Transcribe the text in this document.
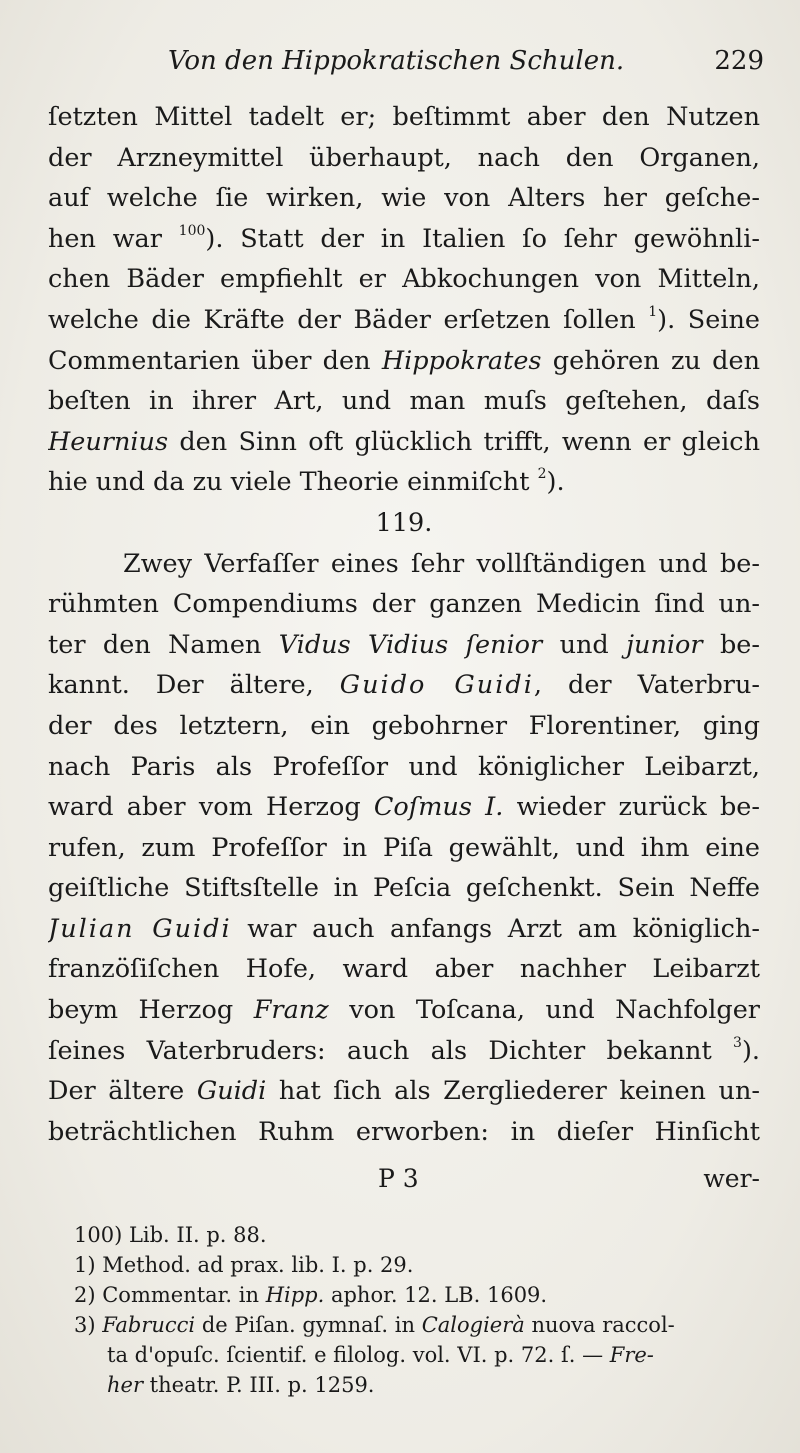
Von den Hippokratischen Schulen.	229
ſetzten Mittel tadelt er; beſtimmt aber den Nutzen
der Arzneymittel überhaupt, nach den Organen,
auf welche ſie wirken, wie von Alters her geſche-
hen war $^{100}$). Statt der in Italien ſo ſehr gewöhnli-
chen Bäder empfiehlt er Abkochungen von Mitteln,
welche die Kräfte der Bäder erſetzen ſollen $^1$). Seine
Commentarien über den Hippokrates gehören zu den
beſten in ihrer Art, und man muſs geſtehen, daſs
Heurnius den Sinn oft glücklich trifft, wenn er gleich
hie und da zu viele Theorie einmiſcht $^2$).
119.
Zwey Verfaſſer eines ſehr vollſtändigen und be-
rühmten Compendiums der ganzen Medicin ſind un-
ter den Namen Vidus Vidius ſenior und junior be-
kannt. Der ältere, Guido Guidi, der Vaterbru-
der des letztern, ein gebohrner Florentiner, ging
nach Paris als Profeſſor und königlicher Leibarzt,
ward aber vom Herzog Coſmus I. wieder zurück be-
rufen, zum Profeſſor in Piſa gewählt, und ihm eine
geiſtliche Stiftsſtelle in Peſcia geſchenkt. Sein Neffe
Julian Guidi war auch anfangs Arzt am königlich-
franzöſiſchen Hofe, ward aber nachher Leibarzt
beym Herzog Franz von Toſcana, und Nachfolger
ſeines Vaterbruders: auch als Dichter bekannt $^3$).
Der ältere Guidi hat ſich als Zergliederer keinen un-
beträchtlichen Ruhm erworben: in dieſer Hinſicht
P 3	wer-
100) Lib. II. p. 88.
1) Method. ad prax. lib. I. p. 29.
2) Commentar. in Hipp. aphor. 12. LB. 1609.
3) Fabrucci de Piſan. gymnaſ. in Calogierà nuova raccol-
ta d'opuſc. ſcientif. e filolog. vol. VI. p. 72. ſ. — Fre-
her theatr. P. III. p. 1259.
